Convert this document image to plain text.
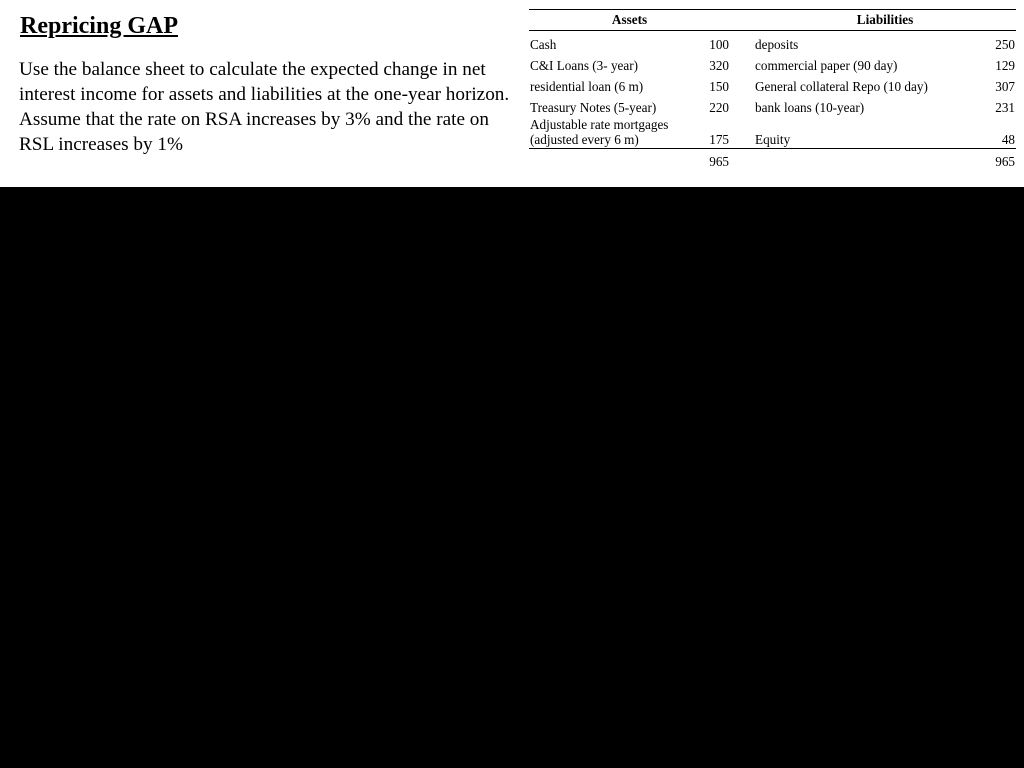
Repricing GAP

Use the balance sheet to calculate the expected change in net interest income for assets and liabilities at the one-year horizon. Assume that the rate on RSA increases by 3% and the rate on RSL increases by 1%

Assets			Liabilities	
Cash	100		deposits	250
C&I Loans (3- year)	320		commercial paper (90 day)	129
residential loan (6 m)	150		General collateral Repo (10 day)	307
Treasury Notes (5-year)	220		bank loans (10-year)	231
Adjustable rate mortgages (adjusted every 6 m)	175		Equity	48
	965			965
